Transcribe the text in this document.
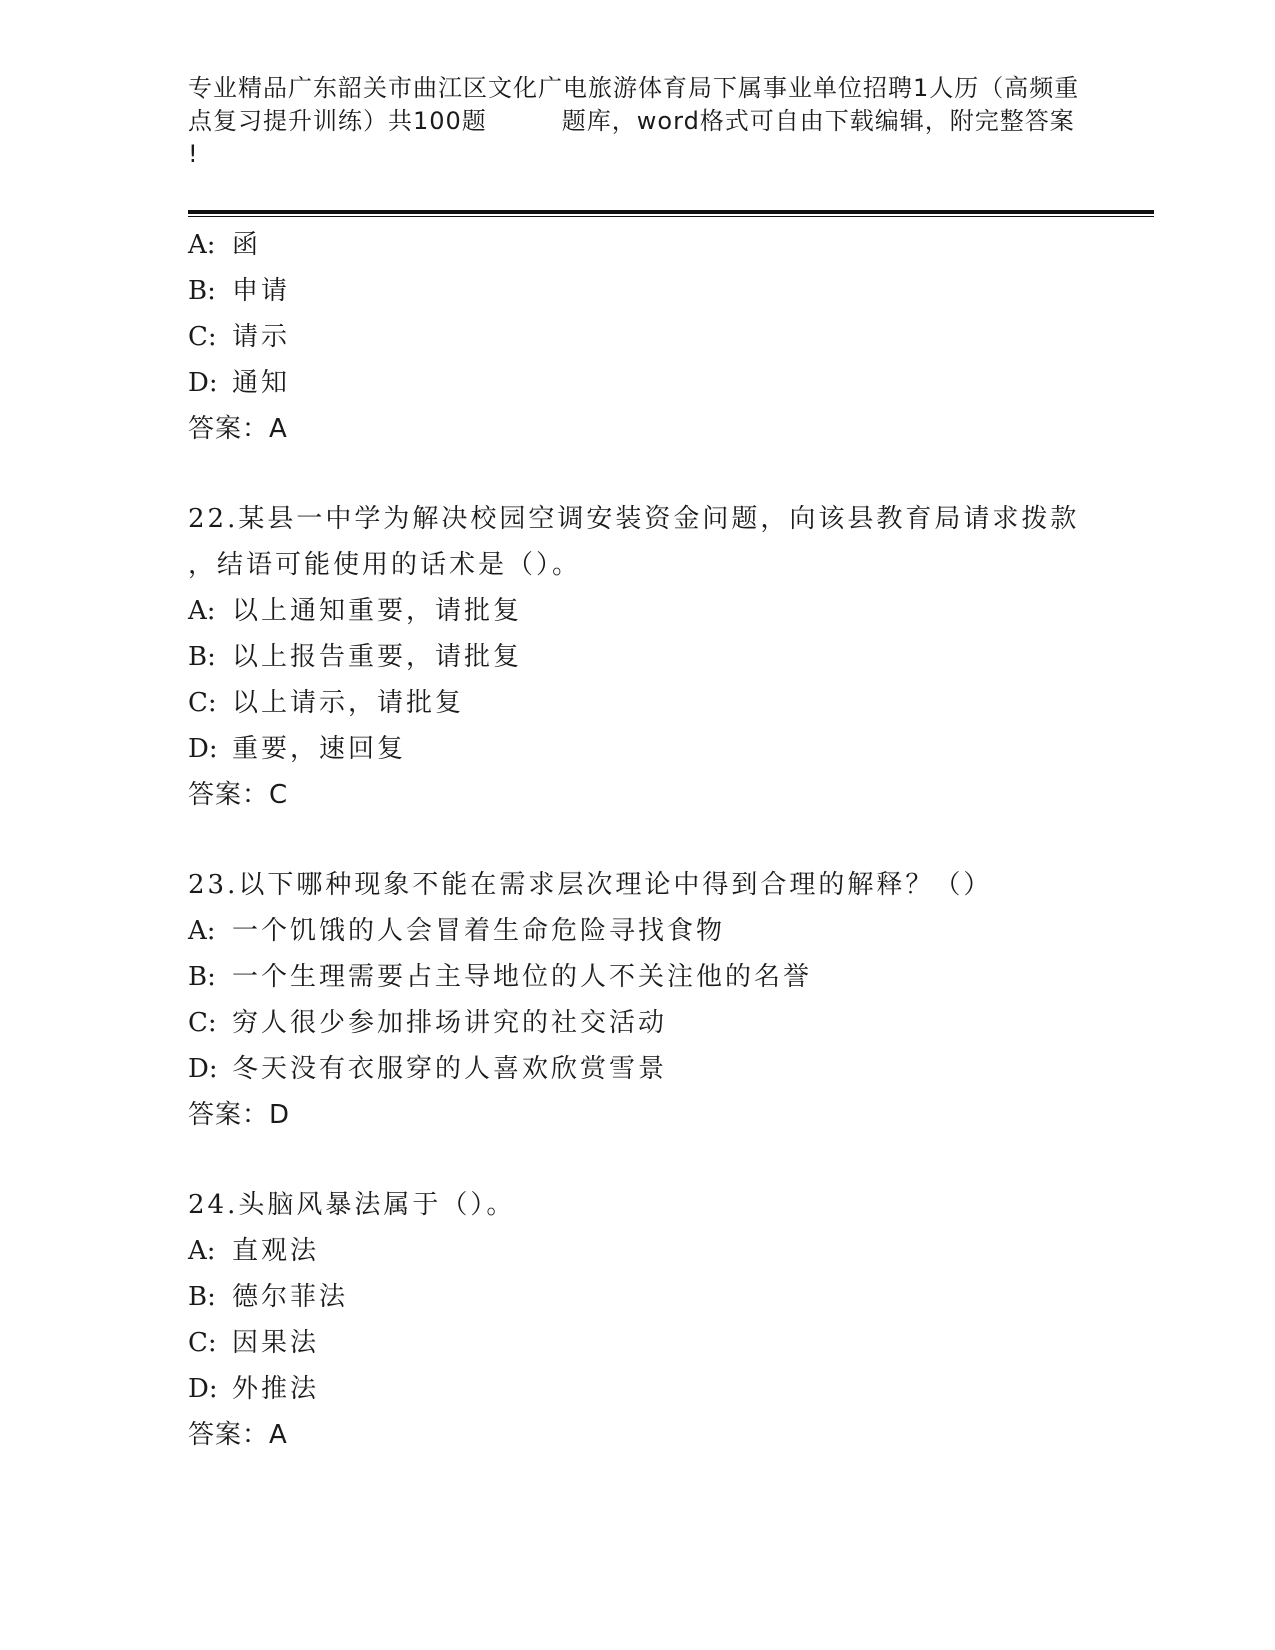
专业精品广东韶关市曲江区文化广电旅游体育局下属事业单位招聘1人历（高频重
点复习提升训练）共100题　　　题库，word格式可自由下载编辑，附完整答案
!
A: 函
B: 申请
C: 请示
D: 通知
答案：A
22.某县一中学为解决校园空调安装资金问题，向该县教育局请求拨款
，结语可能使用的话术是（）。
A: 以上通知重要，请批复
B: 以上报告重要，请批复
C: 以上请示，请批复
D: 重要，速回复
答案：C
23.以下哪种现象不能在需求层次理论中得到合理的解释？（）
A: 一个饥饿的人会冒着生命危险寻找食物
B: 一个生理需要占主导地位的人不关注他的名誉
C: 穷人很少参加排场讲究的社交活动
D: 冬天没有衣服穿的人喜欢欣赏雪景
答案：D
24.头脑风暴法属于（）。
A: 直观法
B: 德尔菲法
C: 因果法
D: 外推法
答案：A
